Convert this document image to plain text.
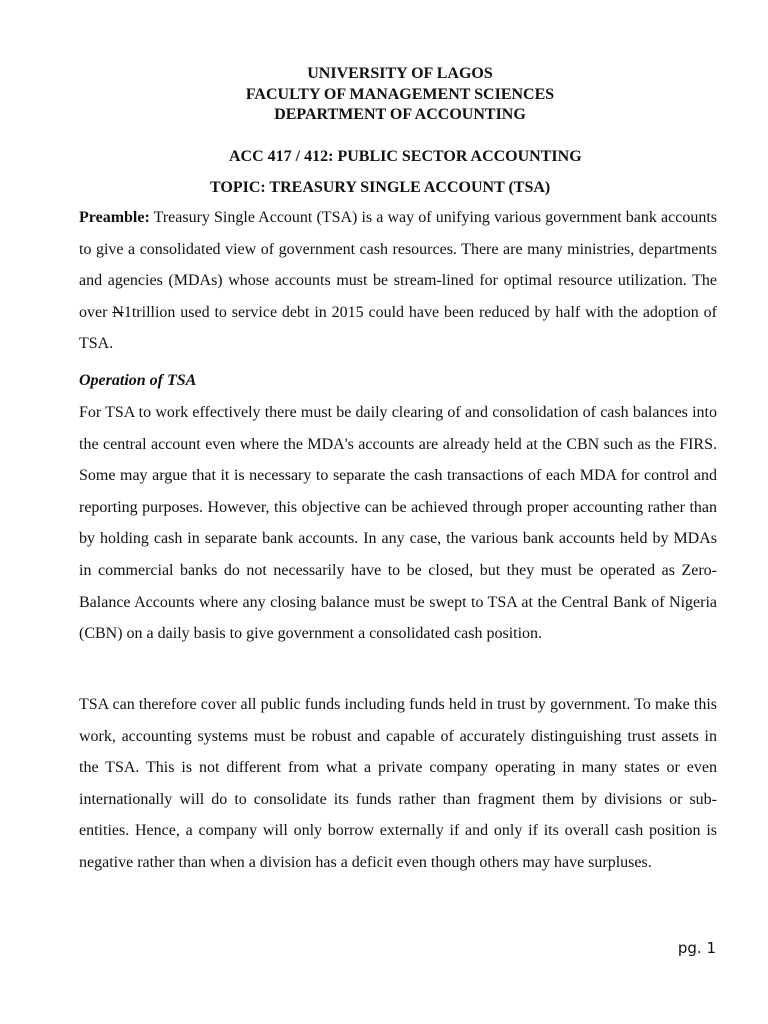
UNIVERSITY OF LAGOS
FACULTY OF MANAGEMENT SCIENCES
DEPARTMENT OF ACCOUNTING
ACC 417 / 412: PUBLIC SECTOR ACCOUNTING
TOPIC: TREASURY SINGLE ACCOUNT (TSA)

Preamble: Treasury Single Account (TSA) is a way of unifying various government bank accounts to give a consolidated view of government cash resources. There are many ministries, departments and agencies (MDAs) whose accounts must be stream-lined for optimal resource utilization. The over N1trillion used to service debt in 2015 could have been reduced by half with the adoption of TSA.

Operation of TSA

For TSA to work effectively there must be daily clearing of and consolidation of cash balances into the central account even where the MDA's accounts are already held at the CBN such as the FIRS. Some may argue that it is necessary to separate the cash transactions of each MDA for control and reporting purposes. However, this objective can be achieved through proper accounting rather than by holding cash in separate bank accounts. In any case, the various bank accounts held by MDAs in commercial banks do not necessarily have to be closed, but they must be operated as Zero-Balance Accounts where any closing balance must be swept to TSA at the Central Bank of Nigeria (CBN) on a daily basis to give government a consolidated cash position.

TSA can therefore cover all public funds including funds held in trust by government. To make this work, accounting systems must be robust and capable of accurately distinguishing trust assets in the TSA. This is not different from what a private company operating in many states or even internationally will do to consolidate its funds rather than fragment them by divisions or sub-entities. Hence, a company will only borrow externally if and only if its overall cash position is negative rather than when a division has a deficit even though others may have surpluses.

pg. 1
